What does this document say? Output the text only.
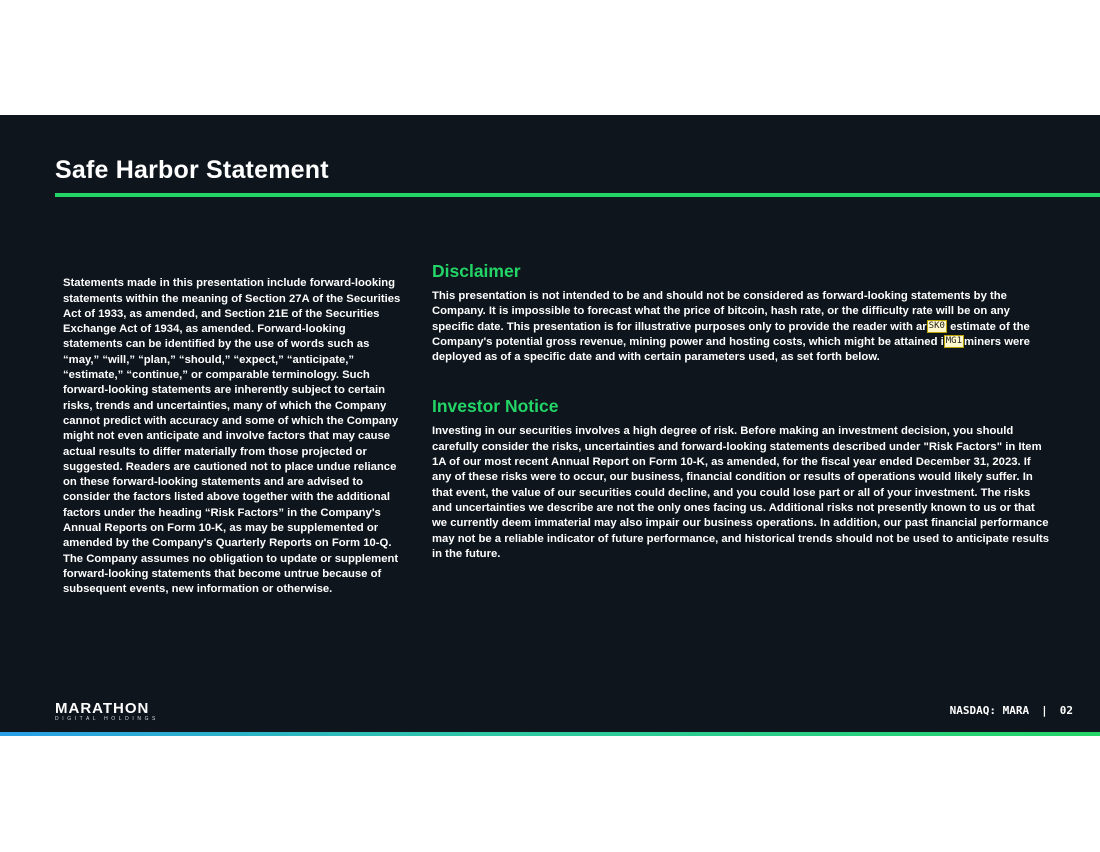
Safe Harbor Statement

Statements made in this presentation include forward-looking statements within the meaning of Section 27A of the Securities Act of 1933, as amended, and Section 21E of the Securities Exchange Act of 1934, as amended. Forward-looking statements can be identified by the use of words such as “may,” “will,” “plan,” “should,” “expect,” “anticipate,” “estimate,” “continue,” or comparable terminology. Such forward-looking statements are inherently subject to certain risks, trends and uncertainties, many of which the Company cannot predict with accuracy and some of which the Company might not even anticipate and involve factors that may cause actual results to differ materially from those projected or suggested. Readers are cautioned not to place undue reliance on these forward-looking statements and are advised to consider the factors listed above together with the additional factors under the heading “Risk Factors” in the Company's Annual Reports on Form 10-K, as may be supplemented or amended by the Company's Quarterly Reports on Form 10-Q. The Company assumes no obligation to update or supplement forward-looking statements that become untrue because of subsequent events, new information or otherwise.

Disclaimer

This presentation is not intended to be and should not be considered as forward-looking statements by the Company. It is impossible to forecast what the price of bitcoin, hash rate, or the difficulty rate will be on any specific date. This presentation is for illustrative purposes only to provide the reader with ar SK0 estimate of the Company's potential gross revenue, mining power and hosting costs, which might be attained i MG1 miners were deployed as of a specific date and with certain parameters used, as set forth below.

Investor Notice

Investing in our securities involves a high degree of risk. Before making an investment decision, you should carefully consider the risks, uncertainties and forward-looking statements described under "Risk Factors" in Item 1A of our most recent Annual Report on Form 10-K, as amended, for the fiscal year ended December 31, 2023. If any of these risks were to occur, our business, financial condition or results of operations would likely suffer. In that event, the value of our securities could decline, and you could lose part or all of your investment. The risks and uncertainties we describe are not the only ones facing us. Additional risks not presently known to us or that we currently deem immaterial may also impair our business operations. In addition, our past financial performance may not be a reliable indicator of future performance, and historical trends should not be used to anticipate results in the future.

MARATHON
DIGITAL HOLDINGS
NASDAQ: MARA | 02
